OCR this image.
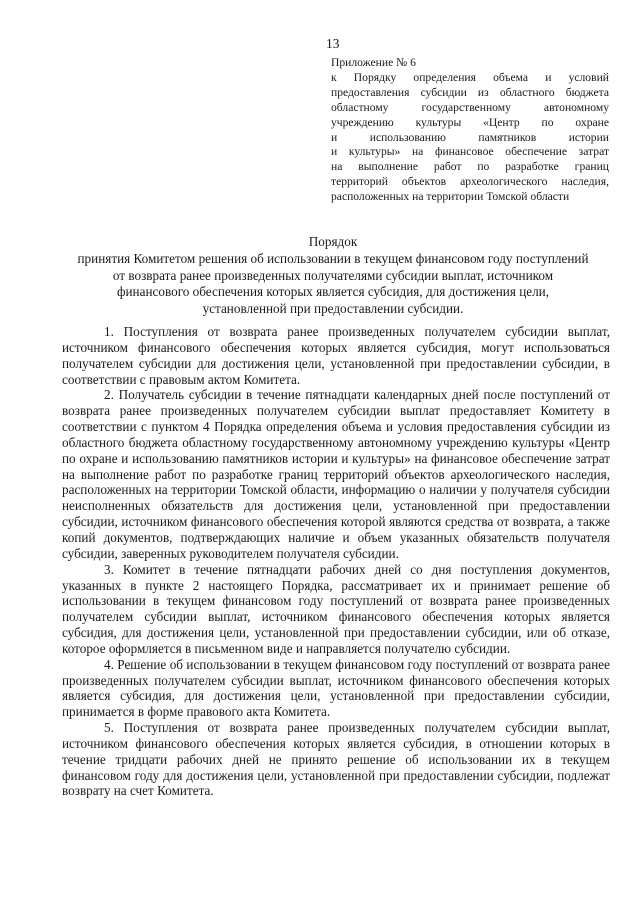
13
Приложение № 6
к Порядку определения объема и условий
предоставления субсидии из областного бюджета
областному государственному автономному
учреждению культуры «Центр по охране
и использованию памятников истории
и культуры» на финансовое обеспечение затрат
на выполнение работ по разработке границ
территорий объектов археологического наследия,
расположенных на территории Томской области
Порядок
принятия Комитетом решения об использовании в текущем финансовом году поступлений
от возврата ранее произведенных получателями субсидии выплат, источником
финансового обеспечения которых является субсидия, для достижения цели,
установленной при предоставлении субсидии.

1. Поступления от возврата ранее произведенных получателем субсидии выплат, источником финансового обеспечения которых является субсидия, могут использоваться получателем субсидии для достижения цели, установленной при предоставлении субсидии, в соответствии с правовым актом Комитета.

2. Получатель субсидии в течение пятнадцати календарных дней после поступлений от возврата ранее произведенных получателем субсидии выплат предоставляет Комитету в соответствии с пунктом 4 Порядка определения объема и условия предоставления субсидии из областного бюджета областному государственному автономному учреждению культуры «Центр по охране и использованию памятников истории и культуры» на финансовое обеспечение затрат на выполнение работ по разработке границ территорий объектов археологического наследия, расположенных на территории Томской области, информацию о наличии у получателя субсидии неисполненных обязательств для достижения цели, установленной при предоставлении субсидии, источником финансового обеспечения которой являются средства от возврата, а также копий документов, подтверждающих наличие и объем указанных обязательств получателя субсидии, заверенных руководителем получателя субсидии.

3. Комитет в течение пятнадцати рабочих дней со дня поступления документов, указанных в пункте 2 настоящего Порядка, рассматривает их и принимает решение об использовании в текущем финансовом году поступлений от возврата ранее произведенных получателем субсидии выплат, источником финансового обеспечения которых является субсидия, для достижения цели, установленной при предоставлении субсидии, или об отказе, которое оформляется в письменном виде и направляется получателю субсидии.

4. Решение об использовании в текущем финансовом году поступлений от возврата ранее произведенных получателем субсидии выплат, источником финансового обеспечения которых является субсидия, для достижения цели, установленной при предоставлении субсидии, принимается в форме правового акта Комитета.

5. Поступления от возврата ранее произведенных получателем субсидии выплат, источником финансового обеспечения которых является субсидия, в отношении которых в течение тридцати рабочих дней не принято решение об использовании их в текущем финансовом году для достижения цели, установленной при предоставлении субсидии, подлежат возврату на счет Комитета.
